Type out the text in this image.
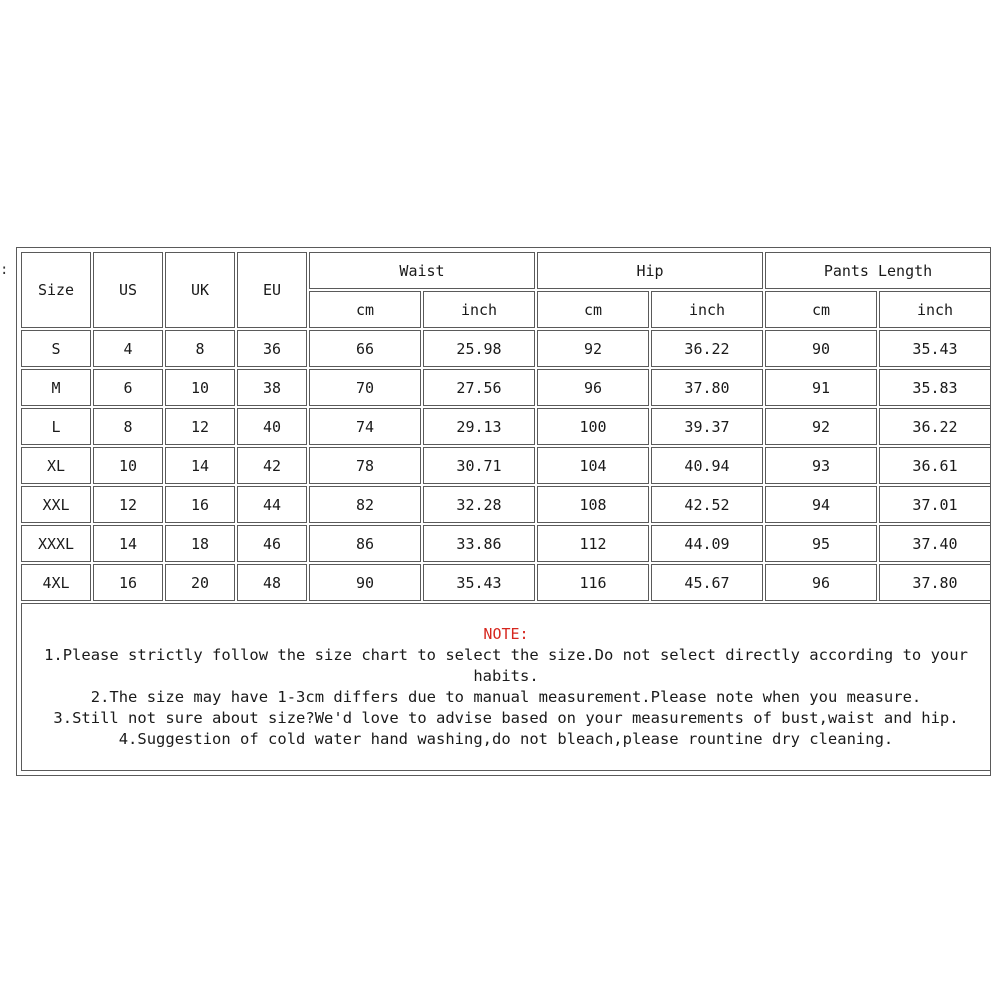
:
Size	US	UK	EU	Waist		Hip		Pants Length	
				cm	inch	cm	inch	cm	inch
S	4	8	36	66	25.98	92	36.22	90	35.43
M	6	10	38	70	27.56	96	37.80	91	35.83
L	8	12	40	74	29.13	100	39.37	92	36.22
XL	10	14	42	78	30.71	104	40.94	93	36.61
XXL	12	16	44	82	32.28	108	42.52	94	37.01
XXXL	14	18	46	86	33.86	112	44.09	95	37.40
4XL	16	20	48	90	35.43	116	45.67	96	37.80

NOTE:
1.Please strictly follow the size chart to select the size.Do not select directly according to your habits.
2.The size may have 1-3cm differs due to manual measurement.Please note when you measure.
3.Still not sure about size?We'd love to advise based on your measurements of bust,waist and hip.
4.Suggestion of cold water hand washing,do not bleach,please rountine dry cleaning.									
